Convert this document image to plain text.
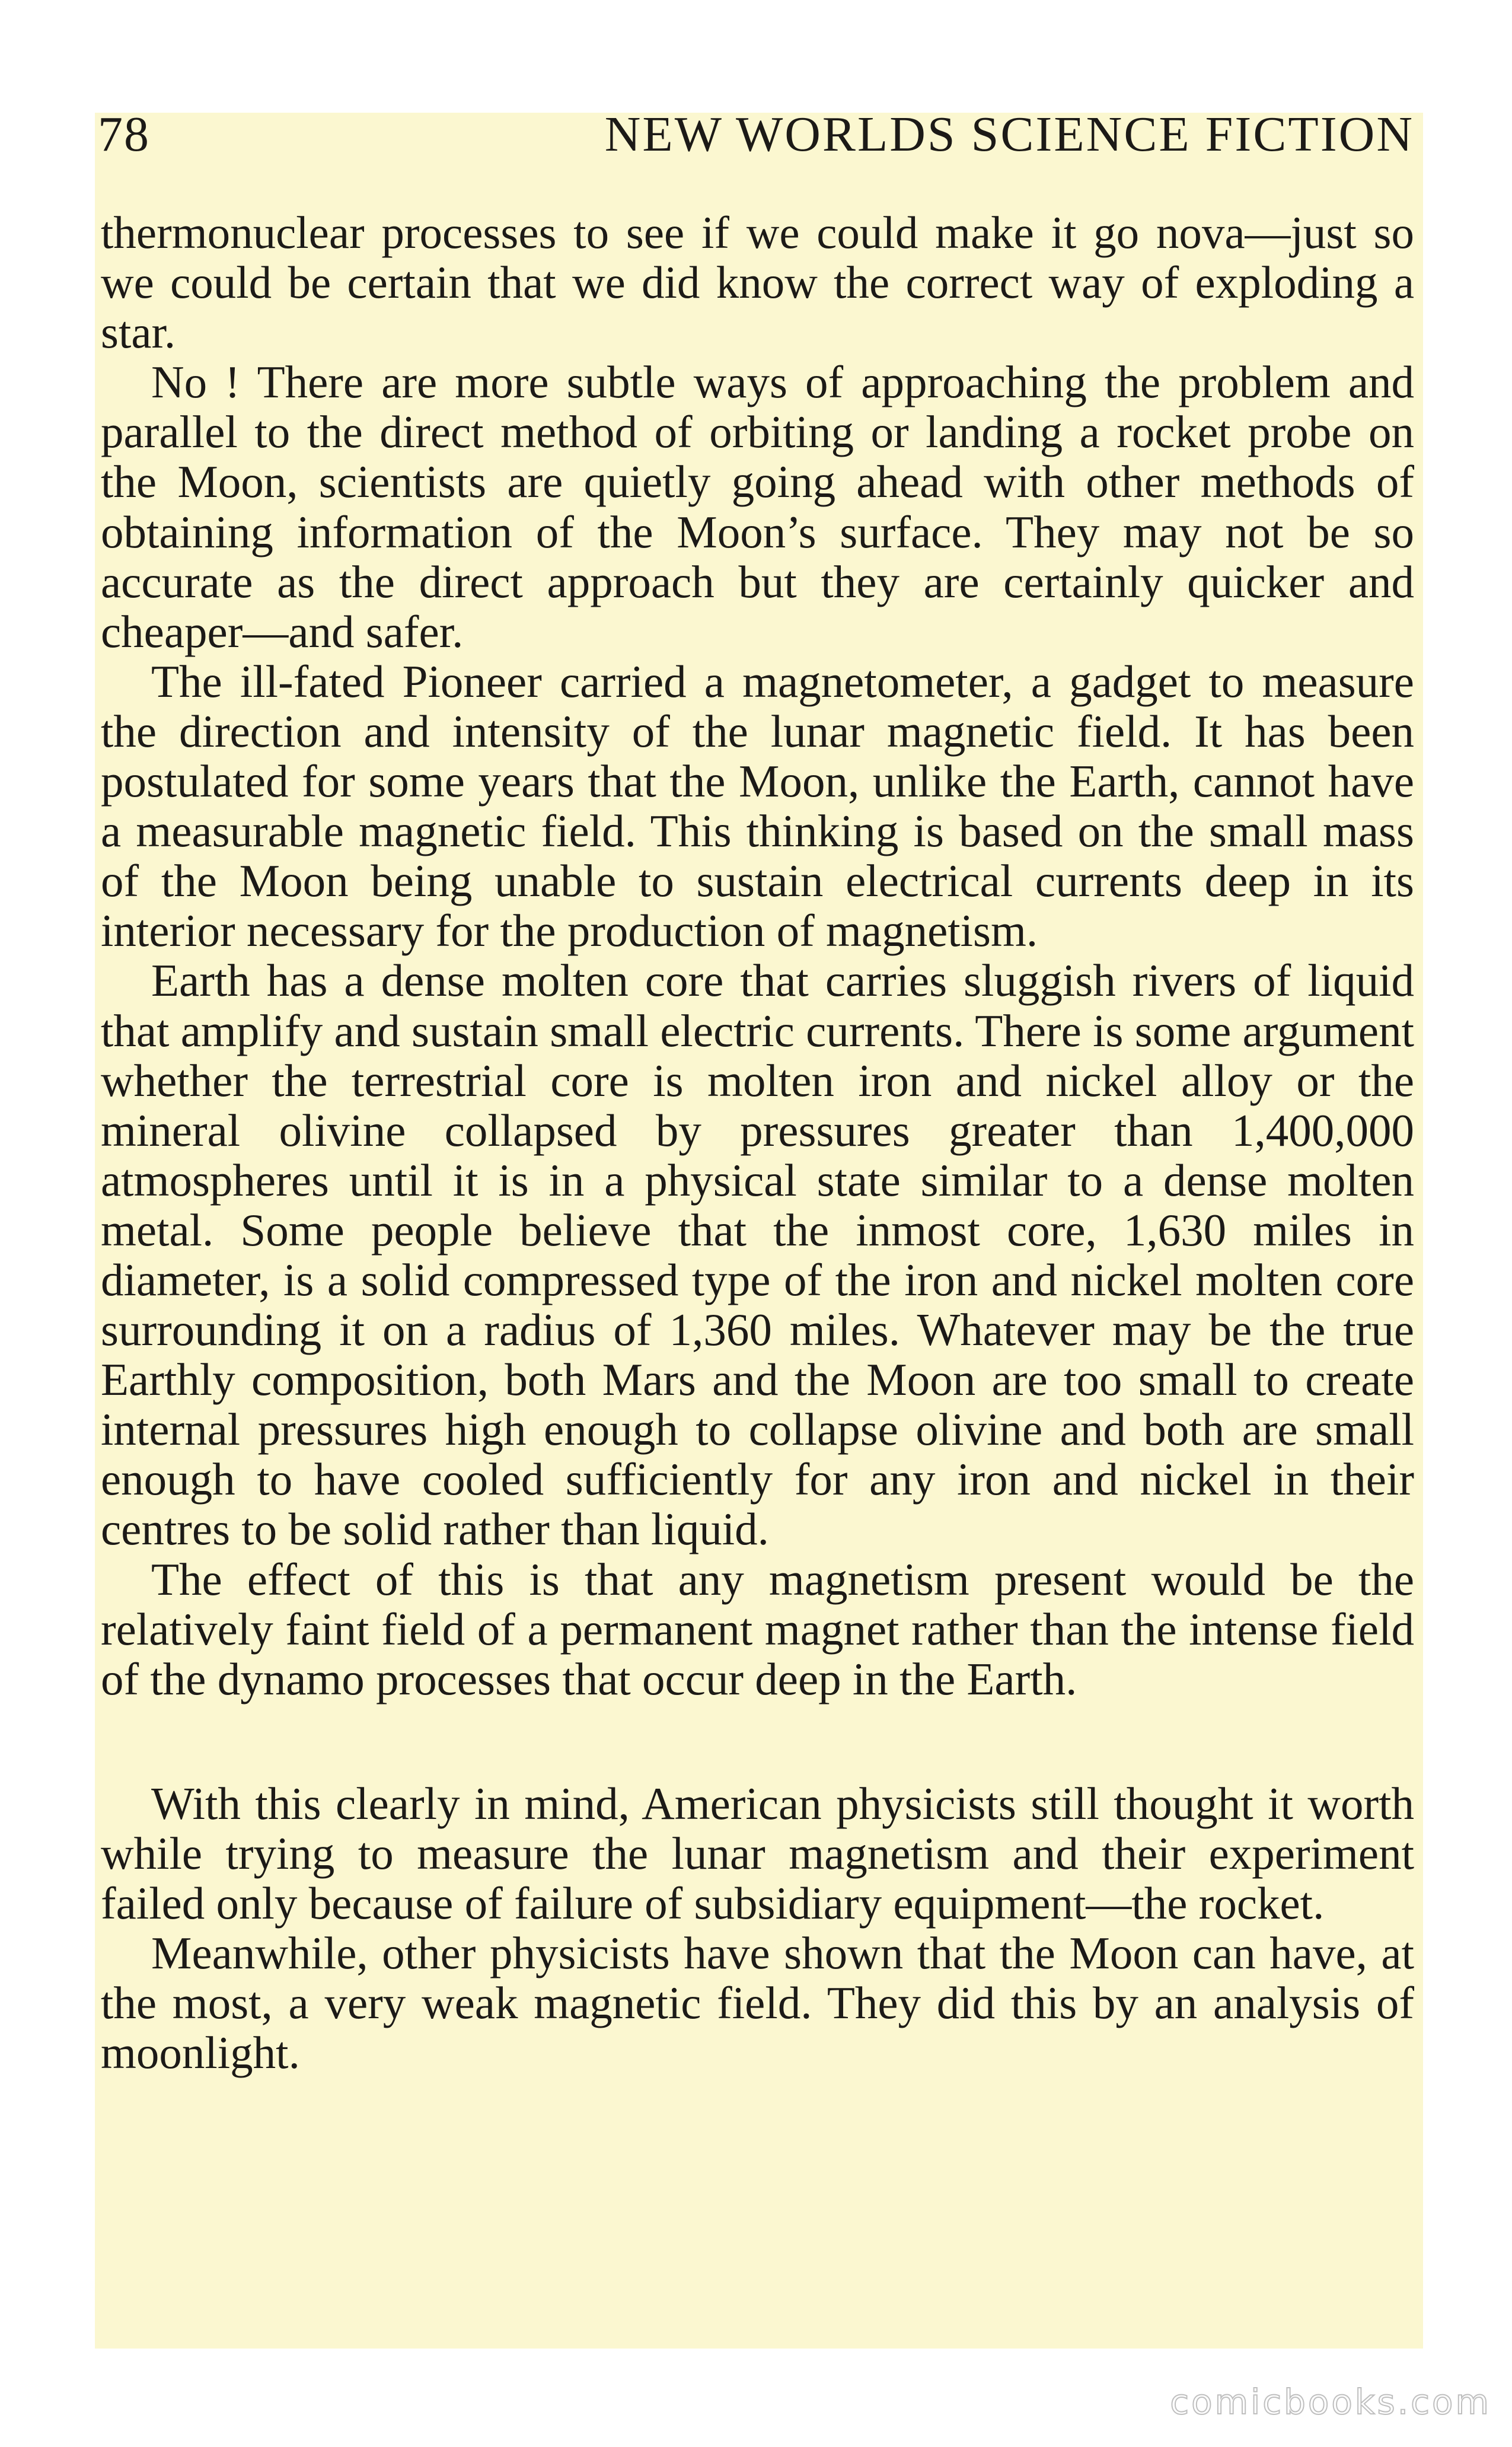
78	NEW WORLDS SCIENCE FICTION

thermonuclear processes to see if we could make it go nova—just so we could be certain that we did know the correct way of exploding a star.

No ! There are more subtle ways of approaching the problem and parallel to the direct method of orbiting or landing a rocket probe on the Moon, scientists are quietly going ahead with other methods of obtaining information of the Moon’s surface. They may not be so accurate as the direct approach but they are certainly quicker and cheaper—and safer.

The ill-fated Pioneer carried a magnetometer, a gadget to measure the direction and intensity of the lunar magnetic field. It has been postulated for some years that the Moon, unlike the Earth, cannot have a measurable magnetic field. This thinking is based on the small mass of the Moon being unable to sustain electrical currents deep in its interior necessary for the production of magnetism.

Earth has a dense molten core that carries sluggish rivers of liquid that amplify and sustain small electric currents. There is some argument whether the terrestrial core is molten iron and nickel alloy or the mineral olivine collapsed by pressures greater than 1,400,000 atmospheres until it is in a physical state similar to a dense molten metal. Some people believe that the inmost core, 1,630 miles in diameter, is a solid compressed type of the iron and nickel molten core surrounding it on a radius of 1,360 miles. Whatever may be the true Earthly composition, both Mars and the Moon are too small to create internal pressures high enough to collapse olivine and both are small enough to have cooled sufficiently for any iron and nickel in their centres to be solid rather than liquid.

The effect of this is that any magnetism present would be the relatively faint field of a permanent magnet rather than the intense field of the dynamo processes that occur deep in the Earth.

With this clearly in mind, American physicists still thought it worth while trying to measure the lunar magnetism and their experiment failed only because of failure of subsidiary equipment—the rocket.

Meanwhile, other physicists have shown that the Moon can have, at the most, a very weak magnetic field. They did this by an analysis of moonlight.

comicbooks.com
